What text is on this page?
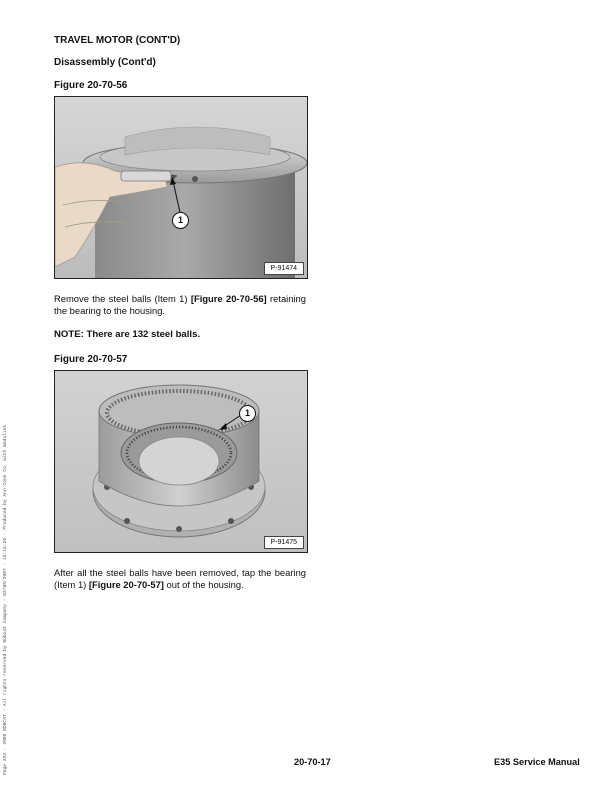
TRAVEL MOTOR (CONT'D)
Disassembly (Cont'd)
Figure 20-70-56
1
P-91474
Remove the steel balls (Item 1) [Figure 20-70-56] retaining the bearing to the housing.
NOTE: There are 132 steel balls.
Figure 20-70-57
1
P-91475
After all the steel balls have been removed, tap the bearing (Item 1) [Figure 20-70-57] out of the housing.
Page 322 - 2008 BOBCAT - All rights reserved by Bobcat Company - 02/08/2007 - 15:16:26 - Produced by Ann Cook Co, with modalink	20-70-17	E35 Service Manual
